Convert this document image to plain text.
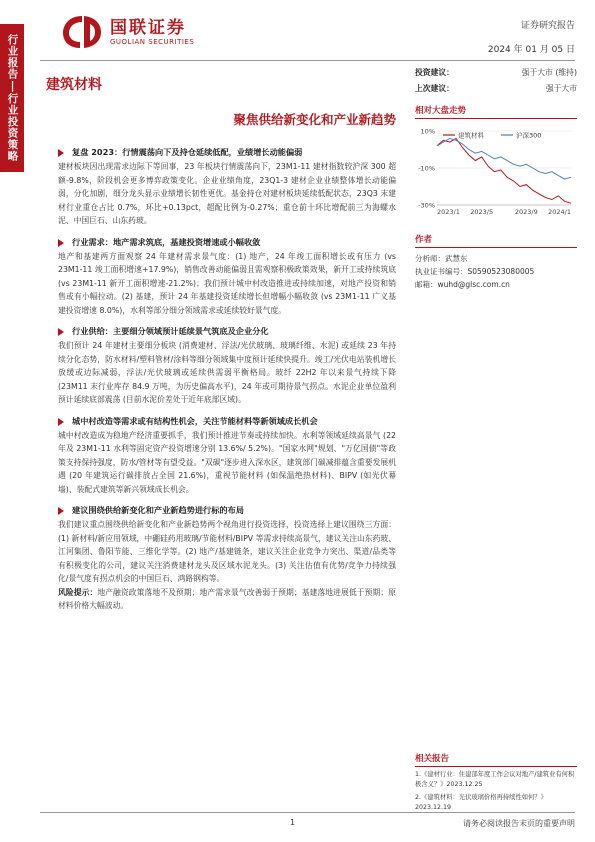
行业报告|行业投资策略
国联证券
GUOLIAN SECURITIES
证券研究报告
2024 年 01 月 05 日
建筑材料
聚焦供给新变化和产业新趋势
复盘 2023：行情震荡向下及持仓延续低配，业绩增长动能偏弱
建材板块因出现需求边际下等回事，23 年板块行情震荡向下，23M1-11 建材指数较沪深 300 超额-9.8%，阶段机会更多博弈政策变化。企业业绩角度，23Q1-3 建材企业业绩整体增长动能偏弱，分化加剧，细分龙头显示业绩增长韧性更优。基金持仓对建材板块延续低配状态，23Q3 末建材行业重仓占比 0.7%，环比+0.13pct，超配比例为-0.27%；重仓前十环比增配前三为海螺水泥、中国巨石、山东药玻。
行业需求：地产需求筑底，基建投资增速或小幅收敛
地产和基建两方面观察 24 年建材需求景气度：(1) 地产，24 年竣工面积增长或有压力 (vs 23M1-11 竣工面积增速+17.9%)，销售改善动能偏弱且需观察积极政策效果，新开工或持续筑底 (vs 23M1-11 新开工面积增速-21.2%)；我们预计城中村改造推进或持续加速，对地产投资和销售或有小幅拉动。(2) 基建，预计 24 年基建投资延续增长但增幅小幅收敛 (vs 23M1-11 广义基建投资增速 8.0%)，水利等部分细分领域需求或延续较好景气度。
行业供给：主要细分领域预计延续景气筑底及企业分化
我们预计 24 年建材主要细分板块 (消费建材、浮法/光伏玻璃、玻璃纤维、水泥) 或延续 23 年持续分化态势，防水材料/塑料管材/涂料等细分领域集中度预计延续快提升。竣工/光伏电站装机增长放缓或边际减弱，浮法/光伏玻璃或延续供需弱平衡格局。玻纤 22H2 年以来景气持续下降 (23M11 末行业库存 84.9 万吨，为历史偏高水平)，24 年或可期待景气拐点。水泥企业单位盈利预计延续底部震荡 (目前水泥价差处于近年底部区域)。
城中村改造等需求或有结构性机会，关注节能材料等新领域成长机会
城中村改造成为稳地产经济重要抓手，我们预计推进节奏或持续加快。水利等领域延续高景气 (22 年及 23M1-11 水利等固定资产投资增速分别 13.6%/ 5.2%)。"国家水网"规划、"万亿国债"等政策支持保持强度，防水/管材等有望受益。"双碳"逐步进入深水区，建筑部门碳减排蕴含重要发展机遇 (20 年建筑运行碳排放占全国 21.6%)，重视节能材料 (如保温绝热材料)、BIPV (如光伏幕墙)、装配式建筑等新兴领域成长机会。
建议围绕供给新变化和产业新趋势进行标的布局
我们建议重点围绕供给新变化和产业新趋势两个视角进行投资选择，投资选择上建议围绕三方面：(1) 新材料/新应用领域，中硼硅药用玻璃/节能材料/BIPV 等需求持续高景气，建议关注山东药玻、江河集团、鲁阳节能、三维化学等。(2) 地产/基建链条，建议关注企业竞争力突出、渠道/品类等有积极变化的公司，建议关注消费建材龙头及区域水泥龙头。(3) 关注估值有优势/竞争力持续强化/景气度有拐点机会的中国巨石、鸿路钢构等。
风险提示：地产融资政策落地不及预期；地产需求景气改善弱于预期；基建落地进展低于预期；原材料价格大幅波动。
投资建议：	强于大市 (维持)
上次建议：	强于大市
相对大盘走势
10%
-10%
-30%
2023/1 2023/5	2023/9 2024/1
建筑材料	沪深300
作者
分析师：武慧东
执业证书编号：S0590523080005
邮箱：wuhd@glsc.com.cn
相关报告
1.《建材行业：住建部年度工作会议对地产/建筑业有何积极含义？》2023.12.25
2.《建筑材料：光伏玻璃价格再持续性如何？》2023.12.19
1	请务必阅读报告末页的重要声明
